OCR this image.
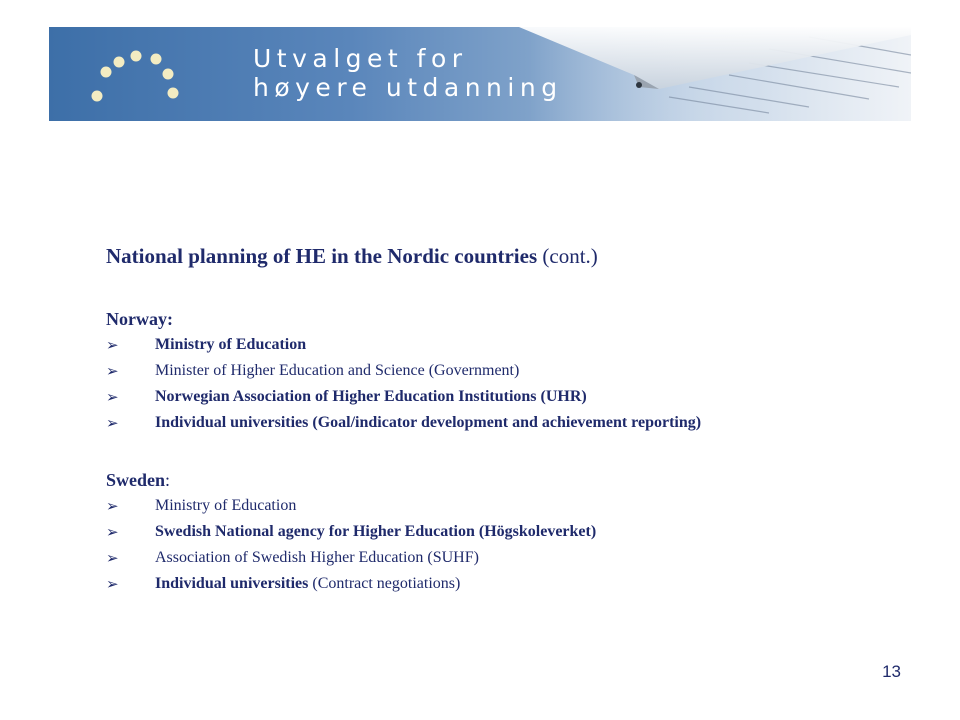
Utvalget for
høyere utdanning
National planning of HE in the Nordic countries (cont.)
Norway:
➢ Ministry of Education
➢ Minister of Higher Education and Science (Government)
➢ Norwegian Association of Higher Education Institutions (UHR)
➢ Individual universities (Goal/indicator development and achievement reporting)
Sweden:
➢ Ministry of Education
➢ Swedish National agency for Higher Education (Högskoleverket)
➢ Association of Swedish Higher Education (SUHF)
➢ Individual universities (Contract negotiations)
13
